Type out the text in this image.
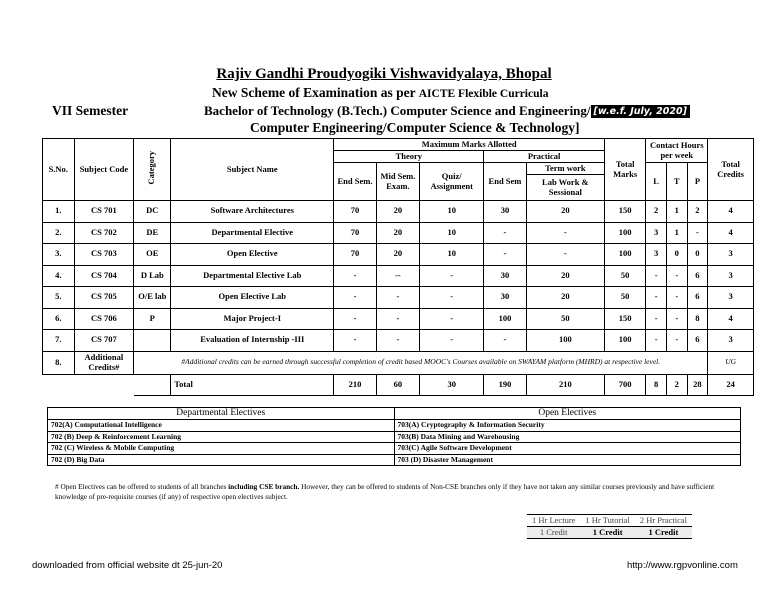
Rajiv Gandhi Proudyogiki Vishwavidyalaya, Bhopal
New Scheme of Examination as per AICTE Flexible Curricula
VII Semester	Bachelor of Technology (B.Tech.) Computer Science and Engineering/ [w.e.f. July, 2020]
Computer Engineering/Computer Science & Technology]
S.No.	Subject Code	Category	Subject Name	Maximum Marks Allotted					Total Marks	Contact Hours per week			Total Credits
				Theory			Practical						
				End Sem.	Mid Sem. Exam.	Quiz/ Assignment	End Sem	Term work		L	T	P	
								Lab Work & Sessional					
1.	CS 701	DC	Software Architectures	70	20	10	30	20	150	2	1	2	4
2.	CS 702	DE	Departmental Elective	70	20	10	-	-	100	3	1	-	4
3.	CS 703	OE	Open Elective	70	20	10	-	-	100	3	0	0	3
4.	CS 704	D Lab	Departmental Elective Lab	-	--	-	30	20	50	-	-	6	3
5.	CS 705	O/E lab	Open Elective Lab	-	-	-	30	20	50	-	-	6	3
6.	CS 706	P	Major Project-I	-	-	-	100	50	150	-	-	8	4
7.	CS 707		Evaluation of Internship -III	-	-	-	-	100	100	-	-	6	3
8.	Additional Credits#	#Additional credits can be earned through successful completion of credit based MOOC's Courses available on SWAYAM platform (MHRD) at respective level.											UG
			Total	210	60	30	190	210	700	8	2	28	24
Departmental Electives	Open Electives
702(A) Computational Intelligence	703(A) Cryptography & Information Security
702 (B) Deep & Reinforcement Learning	703(B) Data Mining and Warehousing
702 (C) Wireless & Mobile Computing	703(C) Agile Software Development
702 (D) Big Data	703 (D) Disaster Management
# Open Electives can be offered to students of all branches including CSE branch. However, they can be offered to students of Non-CSE branches only if they have not taken any similar courses previously and have sufficient knowledge of pre-requisite courses (if any) of respective open electives subject.
1 Hr Lecture	1 Hr Tutorial	2 Hr Practical
1 Credit	1 Credit	1 Credit
downloaded from official website dt 25-jun-20	http://www.rgpvonline.com
